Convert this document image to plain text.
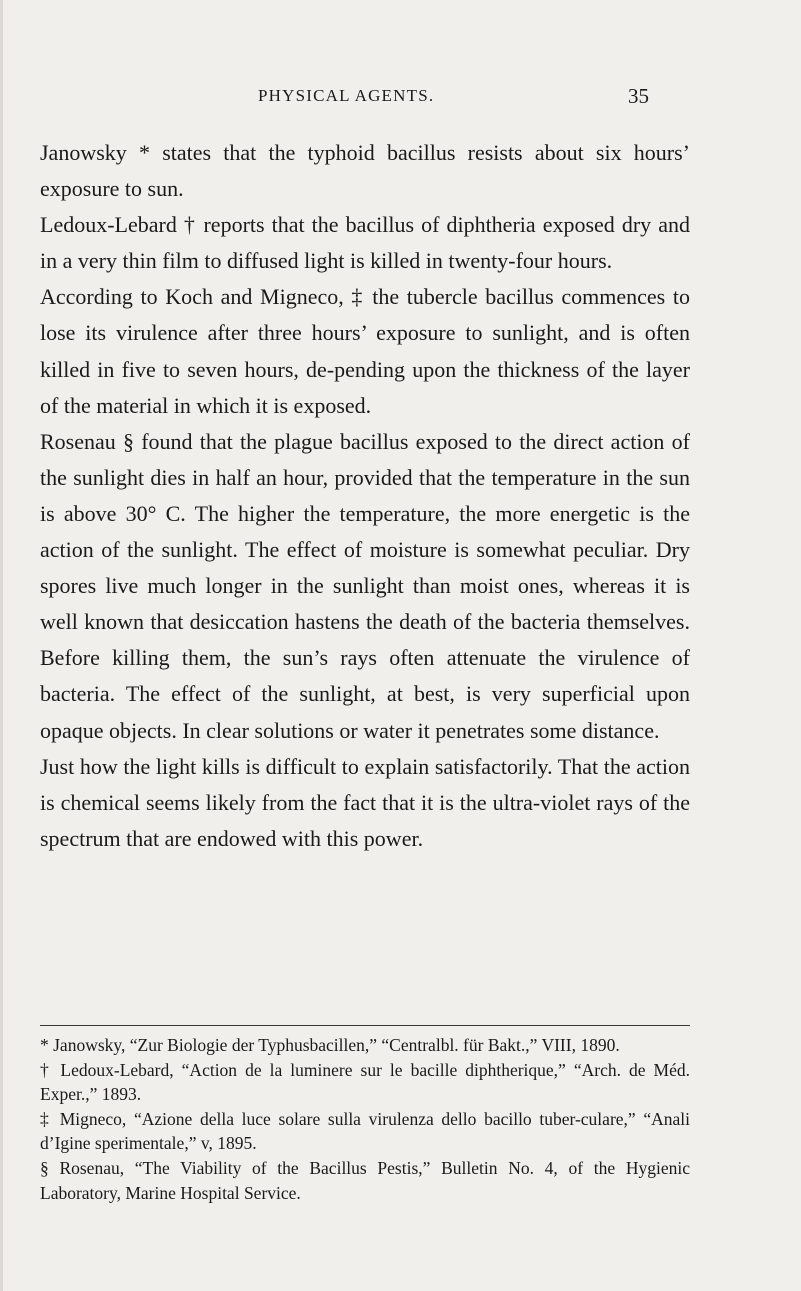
PHYSICAL AGENTS.	35

Janowsky * states that the typhoid bacillus resists about six hours’ exposure to sun.

Ledoux-Lebard † reports that the bacillus of diphtheria exposed dry and in a very thin film to diffused light is killed in twenty-four hours.

According to Koch and Migneco, ‡ the tubercle bacillus commences to lose its virulence after three hours’ exposure to sunlight, and is often killed in five to seven hours, de-pending upon the thickness of the layer of the material in which it is exposed.

Rosenau § found that the plague bacillus exposed to the direct action of the sunlight dies in half an hour, provided that the temperature in the sun is above 30° C. The higher the temperature, the more energetic is the action of the sunlight. The effect of moisture is somewhat peculiar. Dry spores live much longer in the sunlight than moist ones, whereas it is well known that desiccation hastens the death of the bacteria themselves. Before killing them, the sun’s rays often attenuate the virulence of bacteria. The effect of the sunlight, at best, is very superficial upon opaque objects. In clear solutions or water it penetrates some distance.

Just how the light kills is difficult to explain satisfactorily. That the action is chemical seems likely from the fact that it is the ultra-violet rays of the spectrum that are endowed with this power.

* Janowsky, “Zur Biologie der Typhusbacillen,” “Centralbl. für Bakt.,” VIII, 1890.

† Ledoux-Lebard, “Action de la luminere sur le bacille diphtherique,” “Arch. de Méd. Exper.,” 1893.

‡ Migneco, “Azione della luce solare sulla virulenza dello bacillo tuber-culare,” “Anali d’Igine sperimentale,” v, 1895.

§ Rosenau, “The Viability of the Bacillus Pestis,” Bulletin No. 4, of the Hygienic Laboratory, Marine Hospital Service.
